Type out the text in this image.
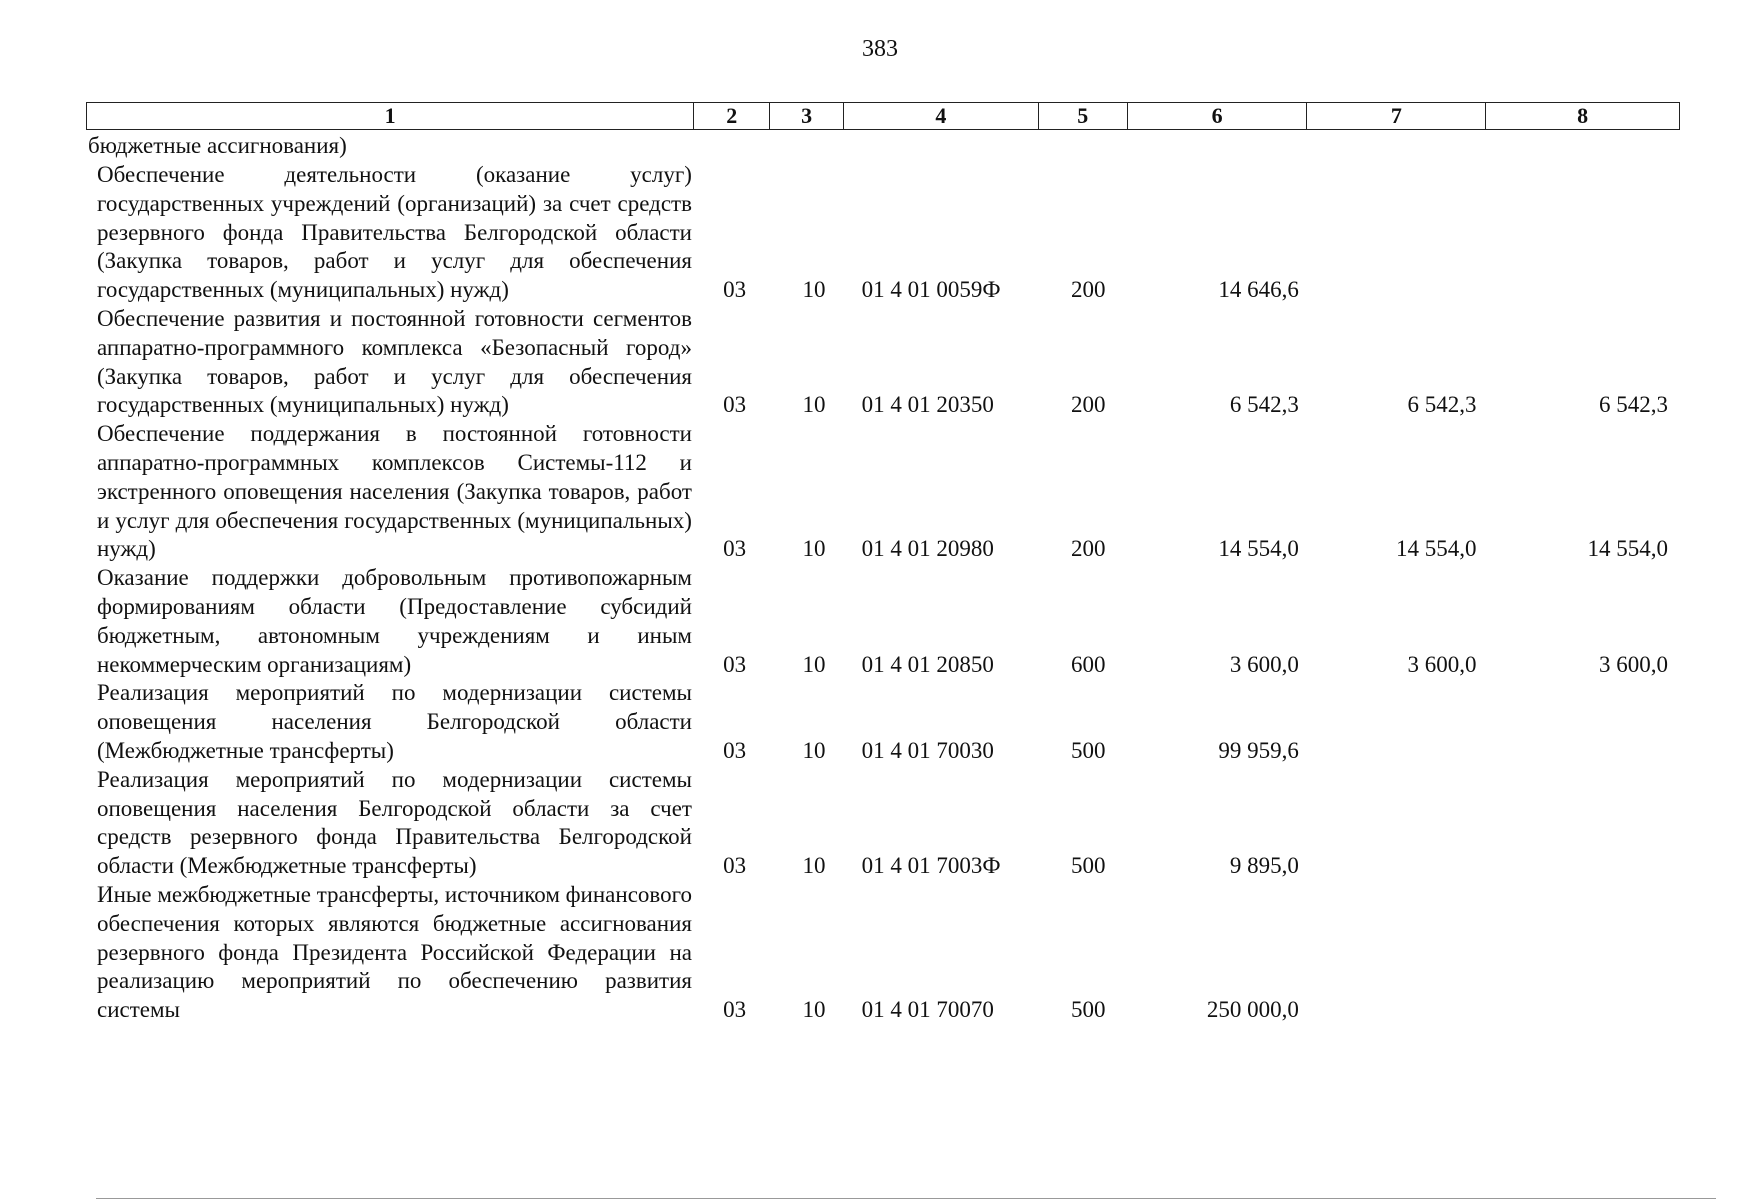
383
1	2	3	4	5	6	7	8
бюджетные ассигнования)
Обеспечение деятельности (оказание услуг) государственных учреждений (организаций) за счет средств резервного фонда Правительства Белгородской области (Закупка товаров, работ и услуг для обеспечения государственных (муниципальных) нужд)	03	10	01 4 01 0059Ф	200	14 646,6
Обеспечение развития и постоянной готовности сегментов аппаратно-программного комплекса «Безопасный город» (Закупка товаров, работ и услуг для обеспечения государственных (муниципальных) нужд)	03	10	01 4 01 20350	200	6 542,3	6 542,3	6 542,3
Обеспечение поддержания в постоянной готовности аппаратно-программных комплексов Системы-112 и экстренного оповещения населения (Закупка товаров, работ и услуг для обеспечения государственных (муниципальных) нужд)	03	10	01 4 01 20980	200	14 554,0	14 554,0	14 554,0
Оказание поддержки добровольным противопожарным формированиям области (Предоставление субсидий бюджетным, автономным учреждениям и иным некоммерческим организациям)	03	10	01 4 01 20850	600	3 600,0	3 600,0	3 600,0
Реализация мероприятий по модернизации системы оповещения населения Белгородской области (Межбюджетные трансферты)	03	10	01 4 01 70030	500	99 959,6
Реализация мероприятий по модернизации системы оповещения населения Белгородской области за счет средств резервного фонда Правительства Белгородской области (Межбюджетные трансферты)	03	10	01 4 01 7003Ф	500	9 895,0
Иные межбюджетные трансферты, источником финансового обеспечения которых являются бюджетные ассигнования резервного фонда Президента Российской Федерации на реализацию мероприятий по обеспечению развития системы	03	10	01 4 01 70070	500	250 000,0
